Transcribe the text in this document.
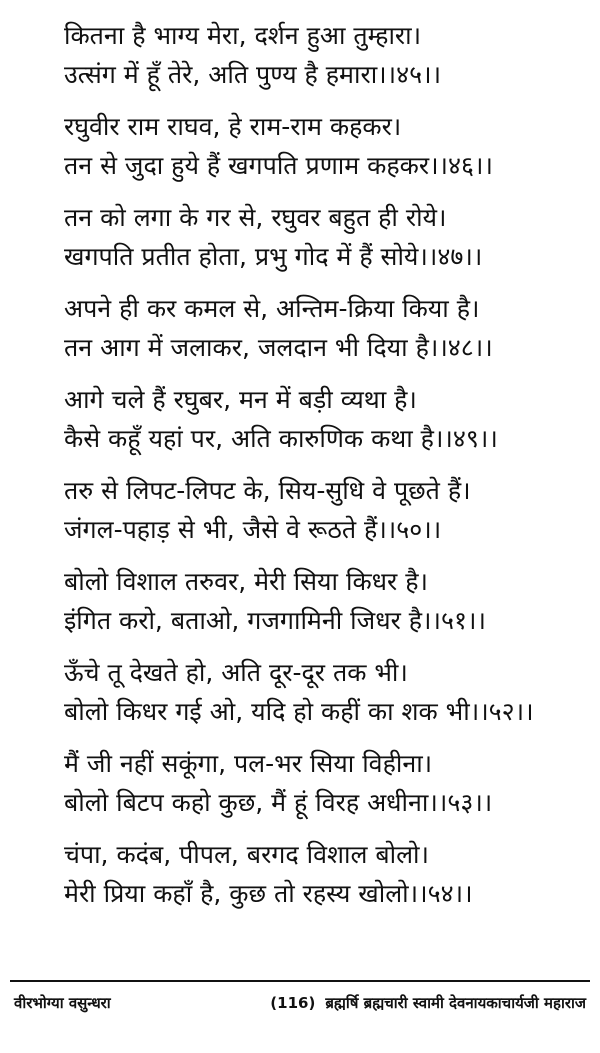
कितना है भाग्य मेरा, दर्शन हुआ तुम्हारा।
उत्संग में हूँ तेरे, अति पुण्य है हमारा।।४५।।
रघुवीर राम राघव, हे राम-राम कहकर।
तन से जुदा हुये हैं खगपति प्रणाम कहकर।।४६।।
तन को लगा के गर से, रघुवर बहुत ही रोये।
खगपति प्रतीत होता, प्रभु गोद में हैं सोये।।४७।।
अपने ही कर कमल से, अन्तिम-क्रिया किया है।
तन आग में जलाकर, जलदान भी दिया है।।४८।।
आगे चले हैं रघुबर, मन में बड़ी व्यथा है।
कैसे कहूँ यहां पर, अति कारुणिक कथा है।।४९।।
तरु से लिपट-लिपट के, सिय-सुधि वे पूछते हैं।
जंगल-पहाड़ से भी, जैसे वे रूठते हैं।।५०।।
बोलो विशाल तरुवर, मेरी सिया किधर है।
इंगित करो, बताओ, गजगामिनी जिधर है।।५१।।
ऊँचे तू देखते हो, अति दूर-दूर तक भी।
बोलो किधर गई ओ, यदि हो कहीं का शक भी।।५२।।
मैं जी नहीं सकूंगा, पल-भर सिया विहीना।
बोलो बिटप कहो कुछ, मैं हूं विरह अधीना।।५३।।
चंपा, कदंब, पीपल, बरगद विशाल बोलो।
मेरी प्रिया कहाँ है, कुछ तो रहस्य खोलो।।५४।।
वीरभोग्या वसुन्धरा	(116) ब्रह्मर्षि ब्रह्मचारी स्वामी देवनायकाचार्यजी महाराज
